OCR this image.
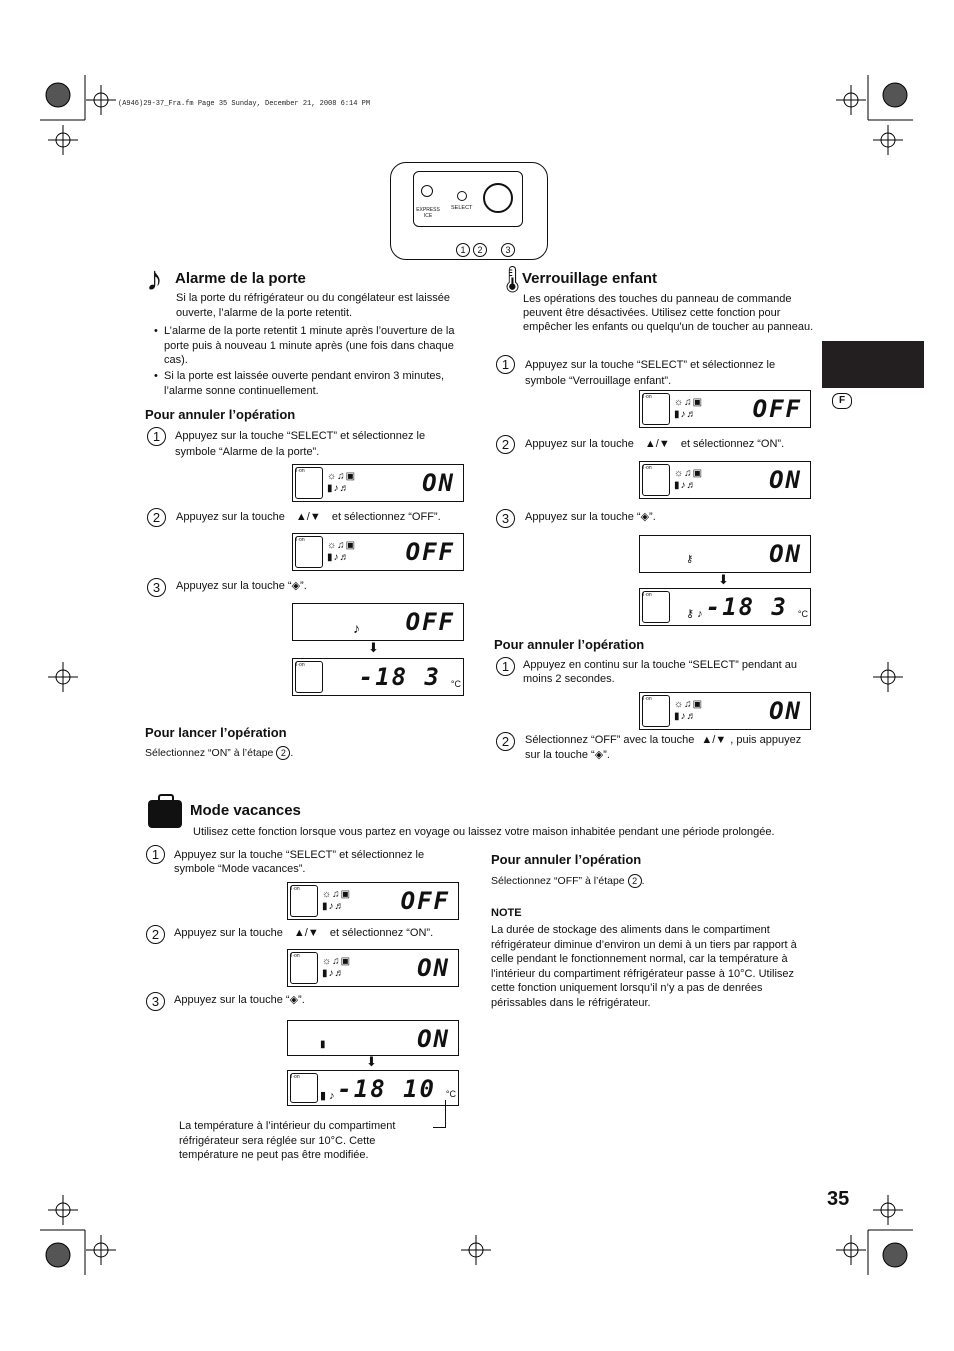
(A946)29-37_Fra.fm Page 35 Sunday, December 21, 2008 6:14 PM
EXPRESS ICE
SELECT
1	2	3
F
♪ Alarme de la porte
Si la porte du réfrigérateur ou du congélateur est laissée ouverte, l’alarme de la porte retentit.
• L’alarme de la porte retentit 1 minute après l’ouverture de la porte puis à nouveau 1 minute après (une fois dans chaque cas).
• Si la porte est laissée ouverte pendant environ 3 minutes, l’alarme sonne continuellement.
Pour annuler l’opération
1	Appuyez sur la touche “SELECT” et sélectionnez le symbole “Alarme de la porte”.
I·on	☼♫▣
▮♪♬	ON
2	Appuyez sur la touche ▲/▼ et sélectionnez “OFF”.
I·on	☼♫▣
▮♪♬ OFF
3	Appuyez sur la touche “◈”.
♪ OFF
⬇
I·on	-18 3 °C
Pour lancer l’opération
Sélectionnez “ON” à l’étape 2 .
🌡
Verrouillage enfant
Les opérations des touches du panneau de commande peuvent être désactivées. Utilisez cette fonction pour empêcher les enfants ou quelqu'un de toucher au panneau.
1	Appuyez sur la touche “SELECT” et sélectionnez le symbole “Verrouillage enfant”.
I·on	☼♫▣
▮♪♬ OFF
2	Appuyez sur la touche ▲/▼ et sélectionnez “ON”.
I·on	☼♫▣
▮♪♬	ON
3	Appuyez sur la touche “◈”.
⚷	ON
⬇
I·on
⚷ ♪ -18 3 °C
Pour annuler l’opération
1	Appuyez en continu sur la touche “SELECT” pendant au moins 2 secondes.
I·on	☼♫▣
▮♪♬	ON
2	Sélectionnez “OFF” avec la touche ▲/▼ , puis appuyez sur la touche “◈”.
Mode vacances
Utilisez cette fonction lorsque vous partez en voyage ou laissez votre maison inhabitée pendant une période prolongée.
1	Appuyez sur la touche “SELECT” et sélectionnez le symbole “Mode vacances”.
I·on	☼♫▣
▮♪♬ OFF
2	Appuyez sur la touche ▲/▼ et sélectionnez “ON”.
I·on	☼♫▣
▮♪♬	ON
3	Appuyez sur la touche “◈”.
▮	ON
⬇
I·on
▮ ♪ -18 10 °C
La température à l’intérieur du compartiment réfrigérateur sera réglée sur 10°C. Cette température ne peut pas être modifiée.
Pour annuler l’opération
Sélectionnez “OFF” à l’étape 2 .
NOTE
La durée de stockage des aliments dans le compartiment réfrigérateur diminue d’environ un demi à un tiers par rapport à celle pendant le fonctionnement normal, car la température à l'intérieur du compartiment réfrigérateur passe à 10°C. Utilisez cette fonction uniquement lorsqu’il n’y a pas de denrées périssables dans le réfrigérateur.
35
